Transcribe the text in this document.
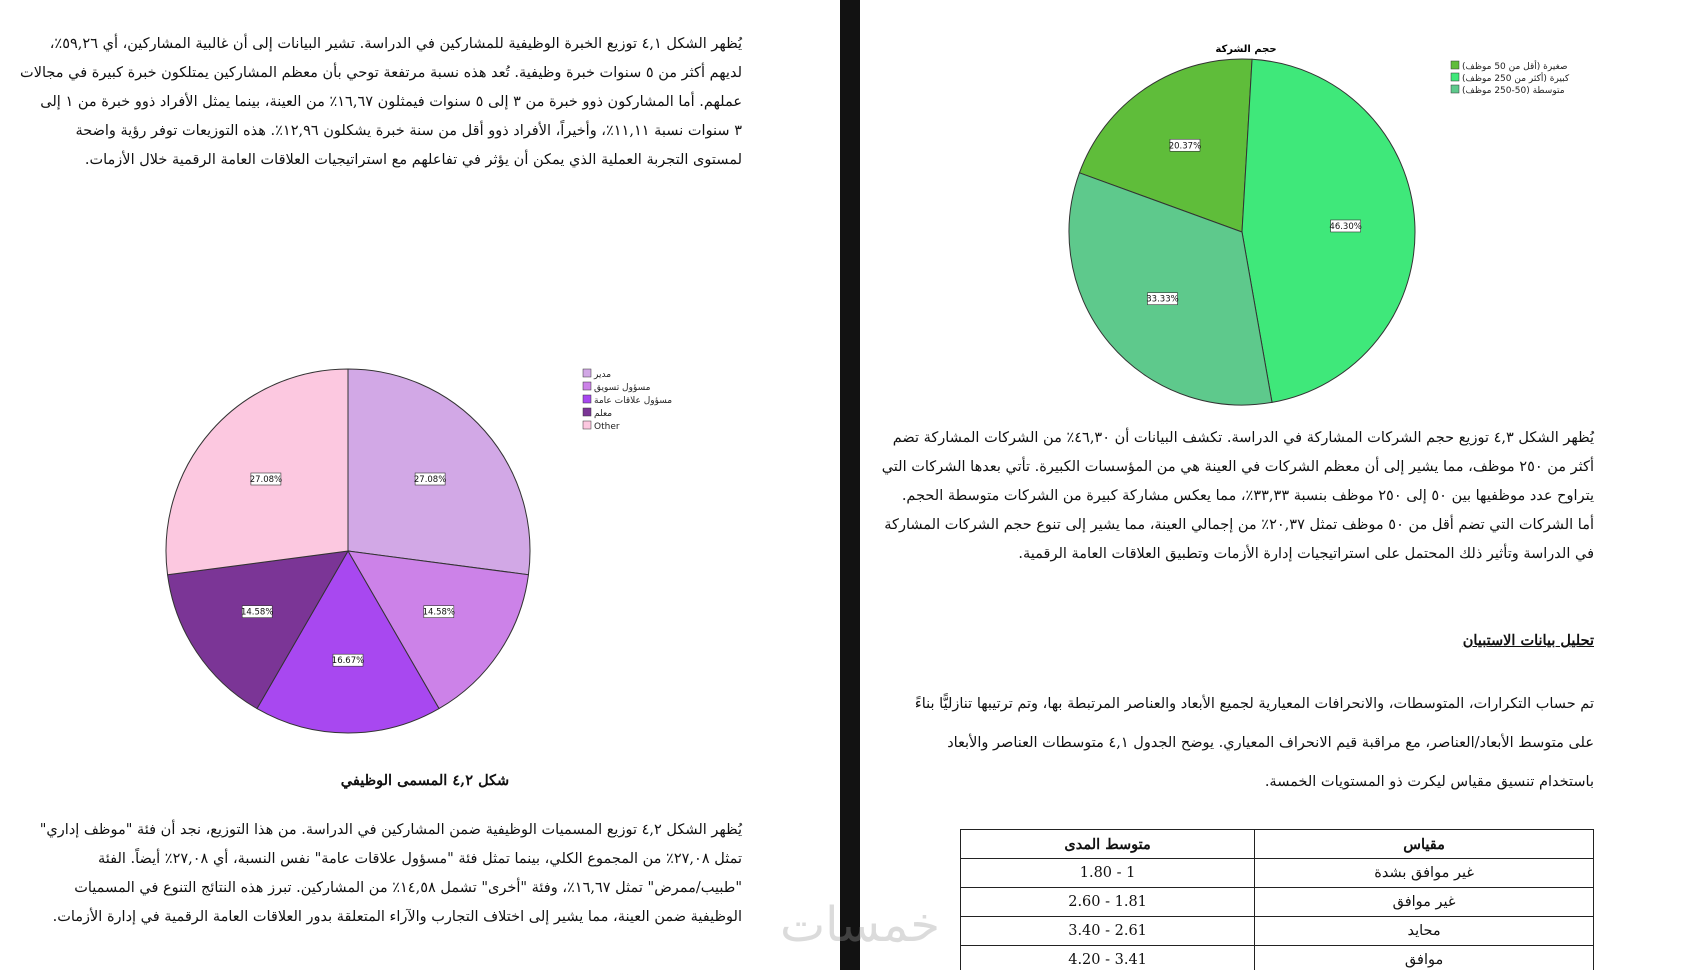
يُظهر الشكل ٤,١ توزيع الخبرة الوظيفية للمشاركين في الدراسة. تشير البيانات إلى أن غالبية المشاركين، أي ٥٩,٢٦٪،
لديهم أكثر من ٥ سنوات خبرة وظيفية. تُعد هذه نسبة مرتفعة توحي بأن معظم المشاركين يمتلكون خبرة كبيرة في مجالات
عملهم. أما المشاركون ذوو خبرة من ٣ إلى ٥ سنوات فيمثلون ١٦,٦٧٪ من العينة، بينما يمثل الأفراد ذوو خبرة من ١ إلى
٣ سنوات نسبة ١١,١١٪، وأخيراً، الأفراد ذوو أقل من سنة خبرة يشكلون ١٢,٩٦٪. هذه التوزيعات توفر رؤية واضحة
لمستوى التجربة العملية الذي يمكن أن يؤثر في تفاعلهم مع استراتيجيات العلاقات العامة الرقمية خلال الأزمات.
27.08%
14.58%
16.67%
14.58%
27.08%
مدير
مسؤول تسويق
مسؤول علاقات عامة
معلم
Other
شكل ٤,٢ المسمى الوظيفي
يُظهر الشكل ٤,٢ توزيع المسميات الوظيفية ضمن المشاركين في الدراسة. من هذا التوزيع، نجد أن فئة "موظف إداري"
تمثل ٢٧,٠٨٪ من المجموع الكلي، بينما تمثل فئة "مسؤول علاقات عامة" نفس النسبة، أي ٢٧,٠٨٪ أيضاً. الفئة
"طبيب/ممرض" تمثل ١٦,٦٧٪، وفئة "أخرى" تشمل ١٤,٥٨٪ من المشاركين. تبرز هذه النتائج التنوع في المسميات
الوظيفية ضمن العينة، مما يشير إلى اختلاف التجارب والآراء المتعلقة بدور العلاقات العامة الرقمية في إدارة الأزمات.
حجم الشركة
20.37%
46.30%
33.33%
صغيرة (أقل من 50 موظف)
كبيرة (أكثر من 250 موظف)
متوسطة (50-250 موظف)
يُظهر الشكل ٤,٣ توزيع حجم الشركات المشاركة في الدراسة. تكشف البيانات أن ٤٦,٣٠٪ من الشركات المشاركة تضم
أكثر من ٢٥٠ موظف، مما يشير إلى أن معظم الشركات في العينة هي من المؤسسات الكبيرة. تأتي بعدها الشركات التي
يتراوح عدد موظفيها بين ٥٠ إلى ٢٥٠ موظف بنسبة ٣٣,٣٣٪، مما يعكس مشاركة كبيرة من الشركات متوسطة الحجم.
أما الشركات التي تضم أقل من ٥٠ موظف تمثل ٢٠,٣٧٪ من إجمالي العينة، مما يشير إلى تنوع حجم الشركات المشاركة
في الدراسة وتأثير ذلك المحتمل على استراتيجيات إدارة الأزمات وتطبيق العلاقات العامة الرقمية.
تحليل بيانات الاستبيان
تم حساب التكرارات، المتوسطات، والانحرافات المعيارية لجميع الأبعاد والعناصر المرتبطة بها، وتم ترتيبها تنازليًّا بناءً
على متوسط الأبعاد/العناصر، مع مراقبة قيم الانحراف المعياري. يوضح الجدول ٤,١ متوسطات العناصر والأبعاد
باستخدام تنسيق مقياس ليكرت ذو المستويات الخمسة.
مقياس	متوسط المدى
غير موافق بشدة	1.80 - 1
غير موافق	2.60 - 1.81
محايد	3.40 - 2.61
موافق	4.20 - 3.41
خمسات
